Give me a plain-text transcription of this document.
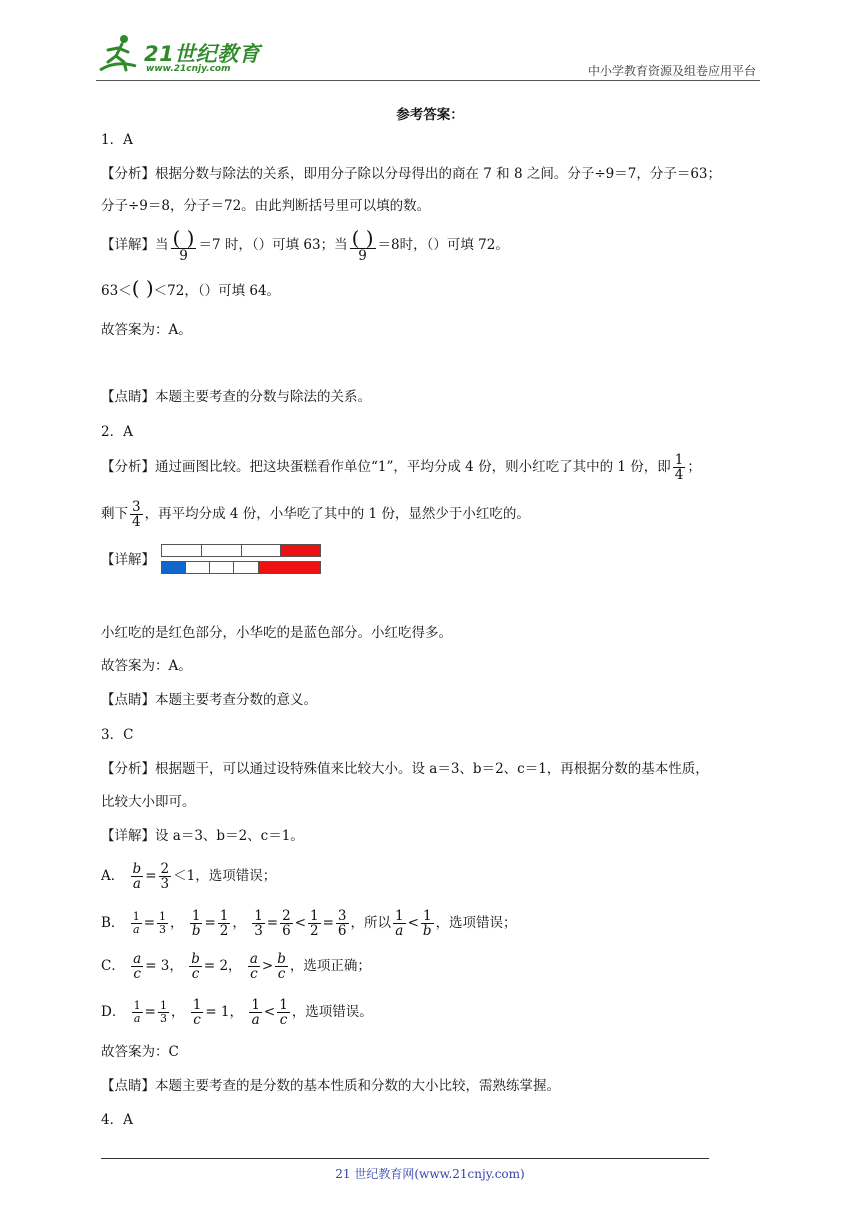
21世纪教育
www.21cnjy.com	中小学教育资源及组卷应用平台
参考答案：
1．A
【分析】根据分数与除法的关系，即用分子除以分母得出的商在 7 和 8 之间。分子÷9＝7，分子＝63；
分子÷9＝8，分子＝72。由此判断括号里可以填的数。
【详解】当 $\frac{( )}{9} =7$ 时，（）可填 63；当 $\frac{( )}{9} =8$时，（）可填 72。
63＜( )＜72，（）可填 64。
故答案为：A。
【点睛】本题主要考查的分数与除法的关系。
2．A
【分析】通过画图比较。把这块蛋糕看作单位“1”，平均分成 4 份，则小红吃了其中的 1 份，即 $\frac{1}{4}$ ；
剩下 $\frac{3}{4}$ ，再平均分成 4 份，小华吃了其中的 1 份，显然少于小红吃的。
【详解】
小红吃的是红色部分，小华吃的是蓝色部分。小红吃得多。
故答案为：A。
【点睛】本题主要考查分数的意义。
3．C
【分析】根据题干，可以通过设特殊值来比较大小。设 a＝3、b＝2、c＝1，再根据分数的基本性质，
比较大小即可。
【详解】设 a＝3、b＝2、c＝1。
A． $\frac{b}{a} = \frac{2}{3} <1$，选项错误；
B． $\frac{1}{a} = \frac{1}{3}$ ， $\frac{1}{b} = \frac{1}{2}$ ， $\frac{1}{3} = \frac{2}{6} < \frac{1}{2} = \frac{3}{6}$ ，所以 $\frac{1}{a} < \frac{1}{b}$ ，选项错误；
C． $\frac{a}{c} = 3$， $\frac{b}{c} = 2$， $\frac{a}{c} > \frac{b}{c}$ ，选项正确；
D． $\frac{1}{a} = \frac{1}{3}$ ， $\frac{1}{c} = 1$， $\frac{1}{a} < \frac{1}{c}$ ，选项错误。
故答案为：C
【点睛】本题主要考查的是分数的基本性质和分数的大小比较，需熟练掌握。
4．A
21 世纪教育网(www.21cnjy.com)
